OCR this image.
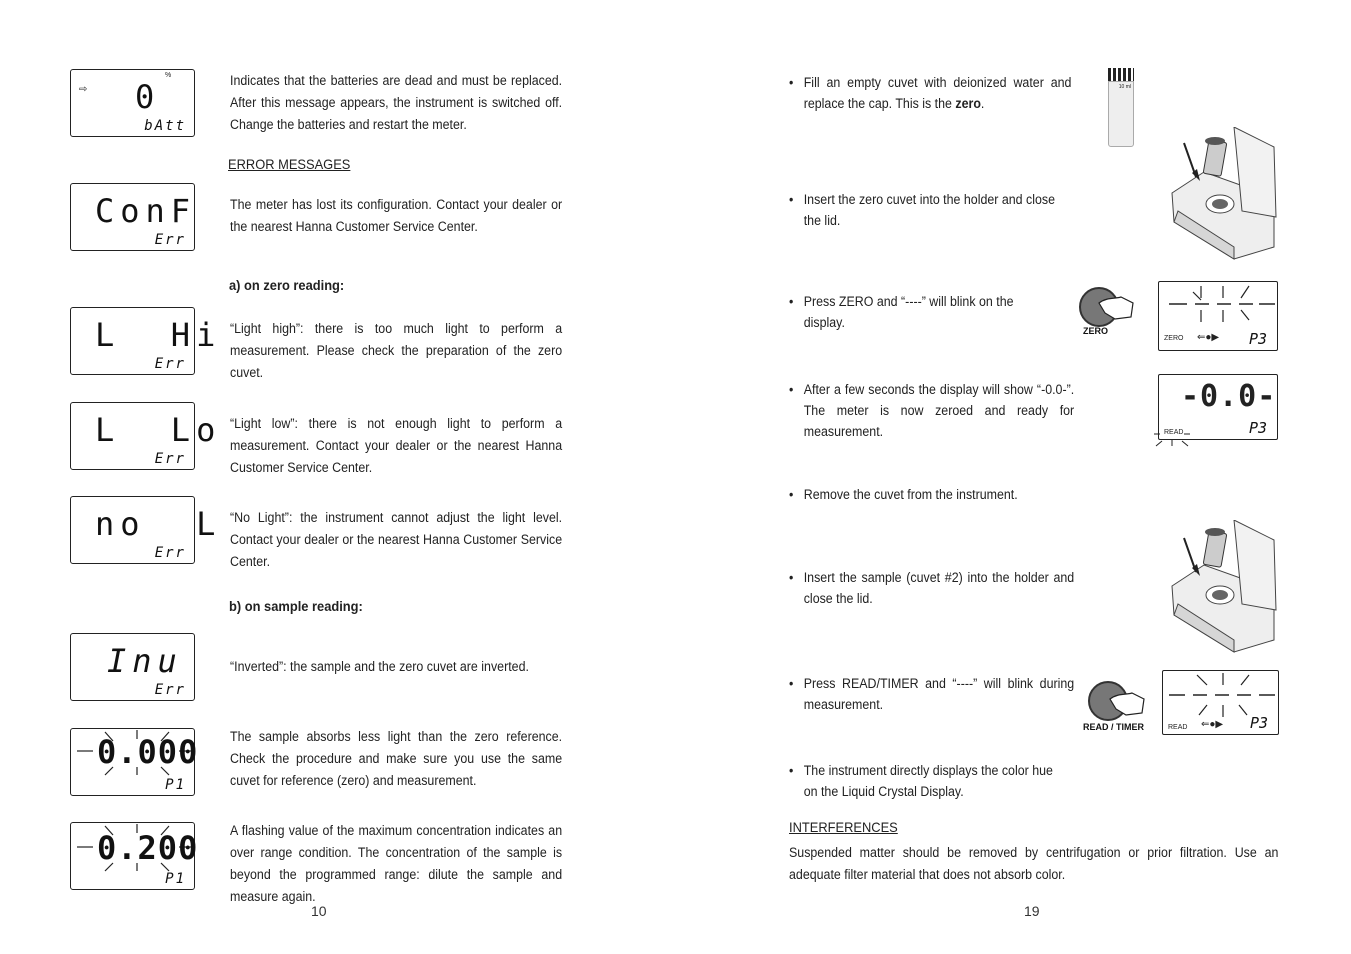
⇨
%
0
bAtt
Indicates that the batteries are dead and must be replaced. After this message appears, the instrument is switched off. Change the batteries and restart the meter.
ERROR MESSAGES
ConF
Err
The meter has lost its configuration. Contact your dealer or the nearest Hanna Customer Service Center.
a) on zero reading:
L  Hi
Err
“Light high”: there is too much light to perform a measurement. Please check the preparation of the zero cuvet.
L  Lo
Err
“Light low”: there is not enough light to perform a measurement. Contact your dealer or the nearest Hanna Customer Service Center.
no  L
Err
“No Light”: the instrument cannot adjust the light level. Contact your dealer or the nearest Hanna Customer Service Center.
b) on sample reading:
Inu
Err
“Inverted”: the sample and the zero cuvet are inverted.
0.000
P1
The sample absorbs less light than the zero reference. Check the procedure and make sure you use the same cuvet for reference (zero) and measurement.
0.200
P1
A flashing value of the maximum concentration indicates an over range condition. The concentration of the sample is beyond the programmed range: dilute the sample and measure again.
10
• Fill an empty cuvet with deionized water and replace the cap. This is the zero.
10 ml
• Insert the zero cuvet into the holder and close the lid.
• Press ZERO and “----” will blink on the display.
ZERO
ZERO ⇐●▶ P3
• After a few seconds the display will show “-0.0-”. The meter is now zeroed and ready for measurement.
-0.0-
READ	P3
• Remove the cuvet from the instrument.
• Insert the sample (cuvet #2) into the holder and close the lid.
• Press READ/TIMER and “----” will blink during measurement.
READ / TIMER	READ ⇐●▶ P3
• The instrument directly displays the color hue on the Liquid Crystal Display.
INTERFERENCES
Suspended matter should be removed by centrifugation or prior filtration. Use an adequate filter material that does not absorb color.
19
